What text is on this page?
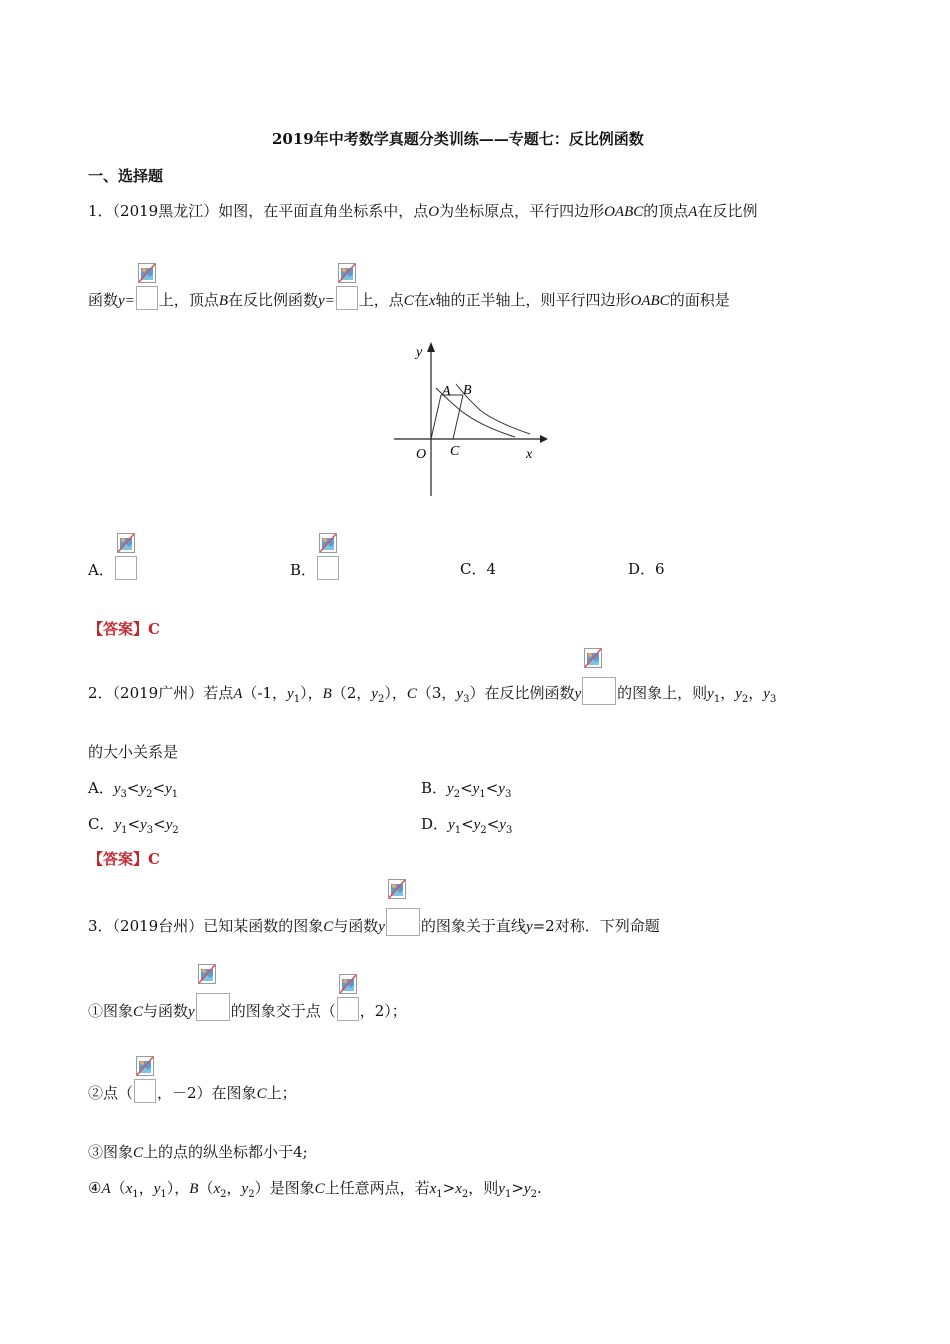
2019年中考数学真题分类训练——专题七：反比例函数
一、选择题
1．（2019黑龙江）如图，在平面直角坐标系中，点O为坐标原点，平行四边形OABC的顶点A在反比例
函数y= 上，顶点B在反比例函数y= 上，点C在x轴的正半轴上，则平行四边形OABC的面积是
y
x
O
A B
C
A．	B．	C．4	D．6
【答案】C
2．（2019广州）若点A（-1，$y_1$），B（2，$y_2$），C（3，$y_3$）在反比例函数y 的图象上，则$y_1$，$y_2$，$y_3$
的大小关系是
A．$y_3<y_2<y_1$	B．$y_2<y_1<y_3$
C．$y_1<y_3<y_2$	D．$y_1<y_2<y_3$
【答案】C
3．（2019台州）已知某函数的图象C与函数y 的图象关于直线y=2对称．下列命题
①图象C与函数y 的图象交于点（ ，2）；
②点（ ，－2）在图象C上；
③图象C上的点的纵坐标都小于4;
$④A(x_1$，$y_1$），$B(x_2$，$y_2$）是图象C上任意两点，若$x_1>x_2$，则$y_1>y_2$.
